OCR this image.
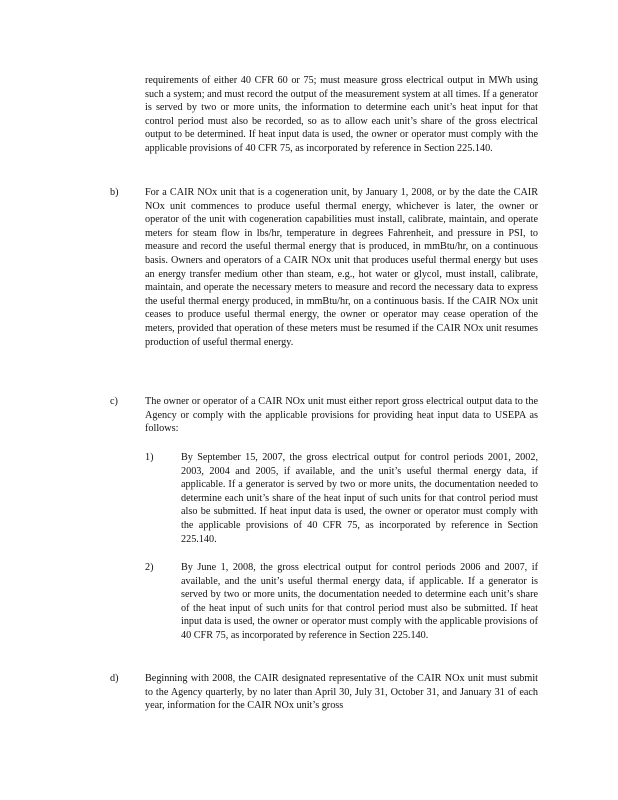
requirements of either 40 CFR 60 or 75; must measure gross electrical output in MWh using such a system; and must record the output of the measurement system at all times. If a generator is served by two or more units, the information to determine each unit’s heat input for that control period must also be recorded, so as to allow each unit’s share of the gross electrical output to be determined. If heat input data is used, the owner or operator must comply with the applicable provisions of 40 CFR 75, as incorporated by reference in Section 225.140.

b)	For a CAIR NOx unit that is a cogeneration unit, by January 1, 2008, or by the date the CAIR NOx unit commences to produce useful thermal energy, whichever is later, the owner or operator of the unit with cogeneration capabilities must install, calibrate, maintain, and operate meters for steam flow in lbs/hr, temperature in degrees Fahrenheit, and pressure in PSI, to measure and record the useful thermal energy that is produced, in mmBtu/hr, on a continuous basis. Owners and operators of a CAIR NOx unit that produces useful thermal energy but uses an energy transfer medium other than steam, e.g., hot water or glycol, must install, calibrate, maintain, and operate the necessary meters to measure and record the necessary data to express the useful thermal energy produced, in mmBtu/hr, on a continuous basis. If the CAIR NOx unit ceases to produce useful thermal energy, the owner or operator may cease operation of the meters, provided that operation of these meters must be resumed if the CAIR NOx unit resumes production of useful thermal energy.

c)	The owner or operator of a CAIR NOx unit must either report gross electrical output data to the Agency or comply with the applicable provisions for providing heat input data to USEPA as follows:

1)	By September 15, 2007, the gross electrical output for control periods 2001, 2002, 2003, 2004 and 2005, if available, and the unit’s useful thermal energy data, if applicable. If a generator is served by two or more units, the documentation needed to determine each unit’s share of the heat input of such units for that control period must also be submitted. If heat input data is used, the owner or operator must comply with the applicable provisions of 40 CFR 75, as incorporated by reference in Section 225.140.

2)	By June 1, 2008, the gross electrical output for control periods 2006 and 2007, if available, and the unit’s useful thermal energy data, if applicable. If a generator is served by two or more units, the documentation needed to determine each unit’s share of the heat input of such units for that control period must also be submitted. If heat input data is used, the owner or operator must comply with the applicable provisions of 40 CFR 75, as incorporated by reference in Section 225.140.

d)	Beginning with 2008, the CAIR designated representative of the CAIR NOx unit must submit to the Agency quarterly, by no later than April 30, July 31, October 31, and January 31 of each year, information for the CAIR NOx unit’s gross
